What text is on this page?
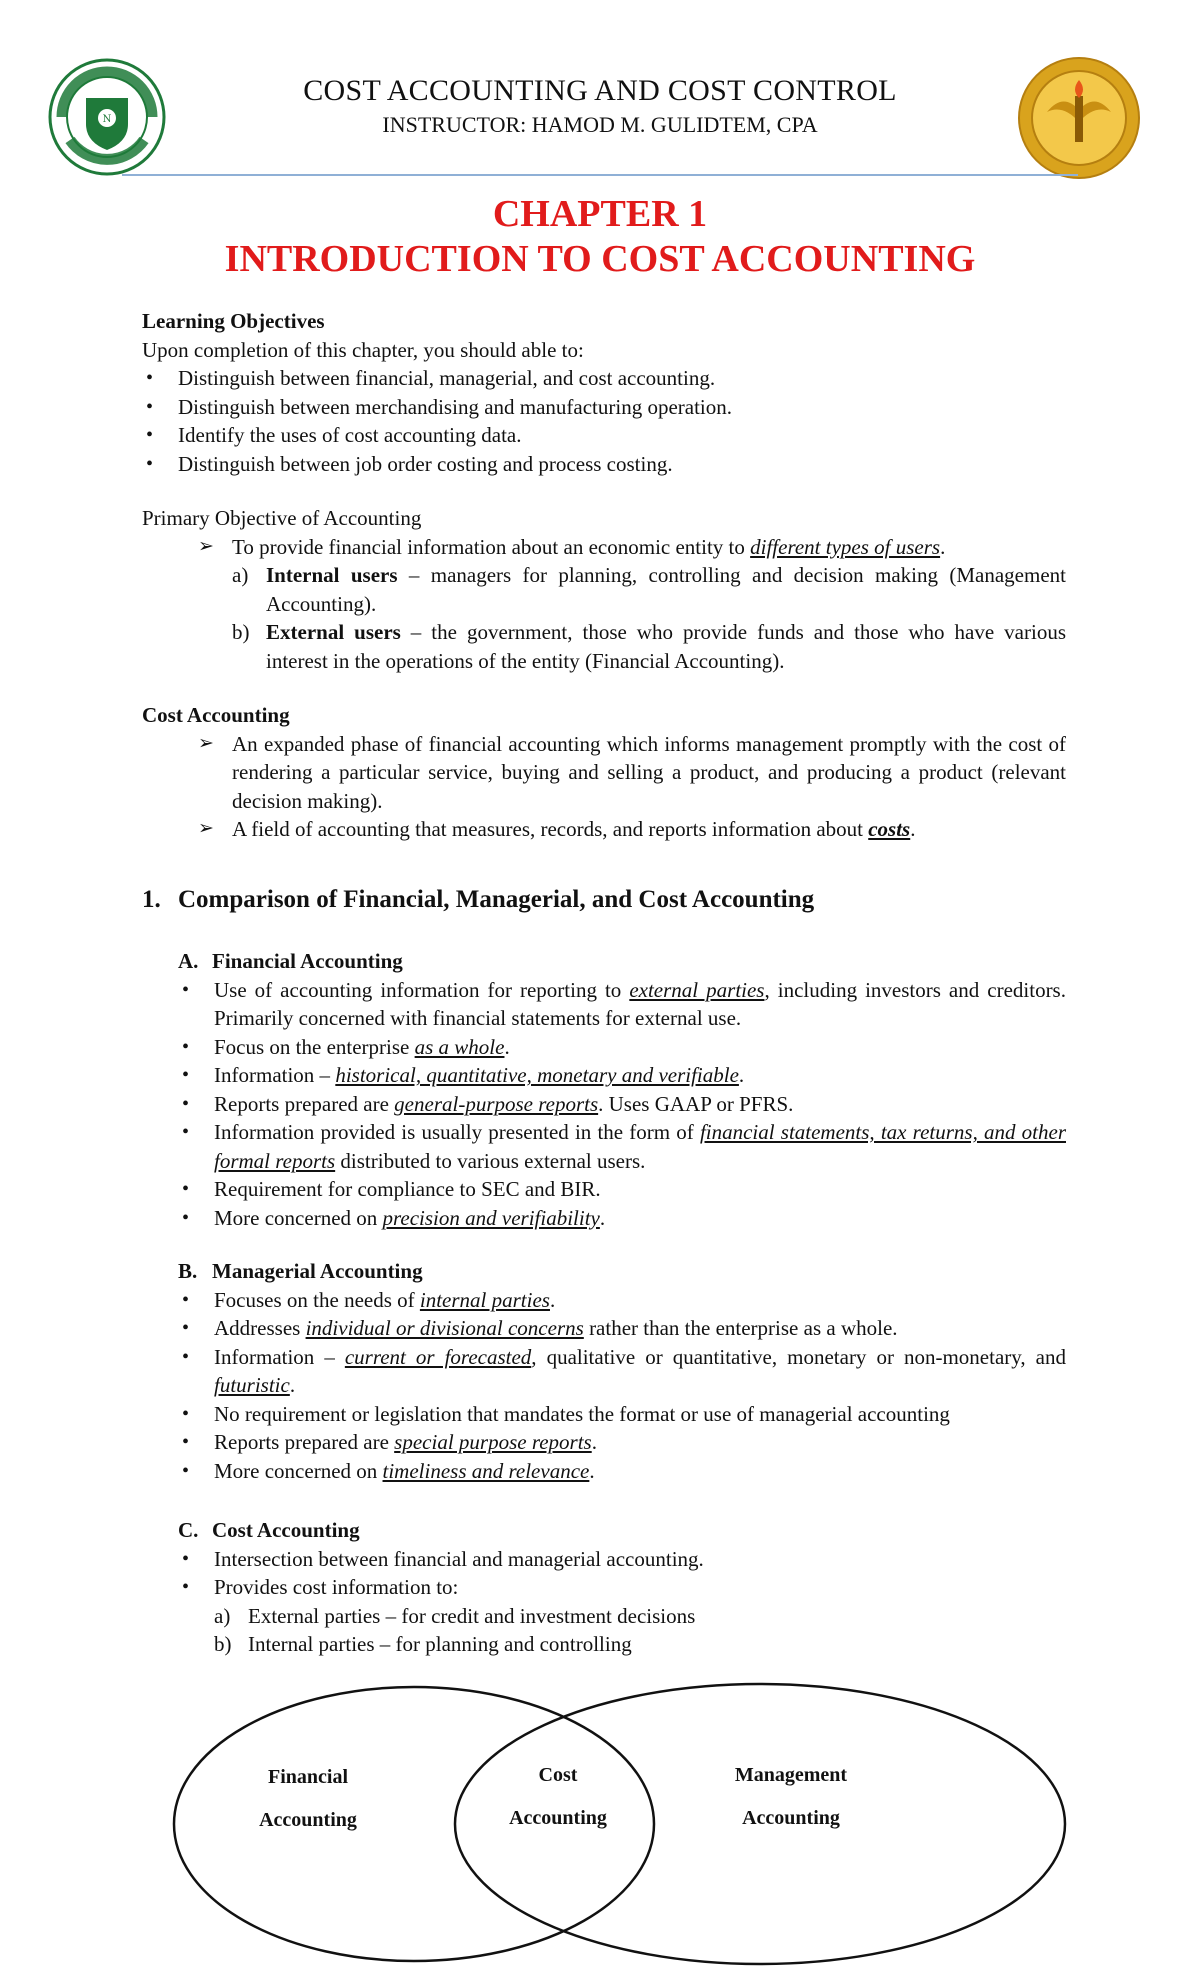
N
COST ACCOUNTING AND COST CONTROL
INSTRUCTOR: HAMOD M. GULIDTEM, CPA
CHAPTER 1
INTRODUCTION TO COST ACCOUNTING

Learning Objectives

Upon completion of this chapter, you should able to:

• Distinguish between financial, managerial, and cost accounting.
• Distinguish between merchandising and manufacturing operation.
• Identify the uses of cost accounting data.
• Distinguish between job order costing and process costing.

Primary Objective of Accounting

➢ To provide financial information about an economic entity to different types of users.
a) Internal users – managers for planning, controlling and decision making (Management Accounting).
b) External users – the government, those who provide funds and those who have various interest in the operations of the entity (Financial Accounting).

Cost Accounting

➢ An expanded phase of financial accounting which informs management promptly with the cost of rendering a particular service, buying and selling a product, and producing a product (relevant decision making).
➢ A field of accounting that measures, records, and reports information about costs.

1. Comparison of Financial, Managerial, and Cost Accounting

A. Financial Accounting

• Use of accounting information for reporting to external parties, including investors and creditors. Primarily concerned with financial statements for external use.
• Focus on the enterprise as a whole.
• Information – historical, quantitative, monetary and verifiable.
• Reports prepared are general-purpose reports. Uses GAAP or PFRS.
• Information provided is usually presented in the form of financial statements, tax returns, and other formal reports distributed to various external users.
• Requirement for compliance to SEC and BIR.
• More concerned on precision and verifiability.

B. Managerial Accounting

• Focuses on the needs of internal parties.
• Addresses individual or divisional concerns rather than the enterprise as a whole.
• Information – current or forecasted, qualitative or quantitative, monetary or non-monetary, and futuristic.
• No requirement or legislation that mandates the format or use of managerial accounting
• Reports prepared are special purpose reports.
• More concerned on timeliness and relevance.

C. Cost Accounting

• Intersection between financial and managerial accounting.
• Provides cost information to:

a) External parties – for credit and investment decisions

b) Internal parties – for planning and controlling

Financial
Accounting
Cost
Accounting
Management
Accounting
